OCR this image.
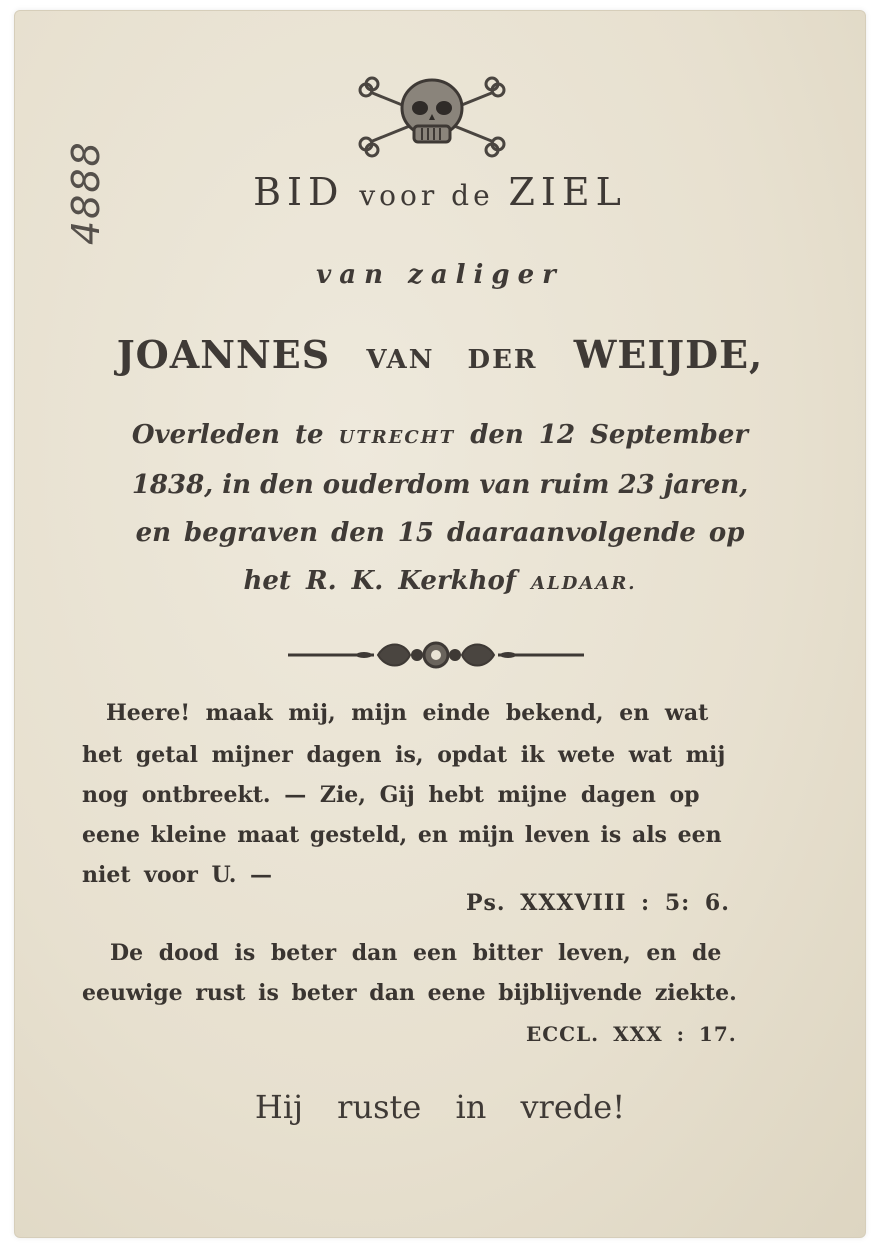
4888	BID voor de ZIEL
van zaliger
JOANNES VAN DER WEIJDE,
Overleden te UTRECHT den 12 September
1838, in den ouderdom van ruim 23 jaren,
en begraven den 15 daaraanvolgende op
het R. K. Kerkhof ALDAAR.
Heere! maak mij, mijn einde bekend, en wat
het getal mijner dagen is, opdat ik wete wat mij
nog ontbreekt. — Zie, Gij hebt mijne dagen op
eene kleine maat gesteld, en mijn leven is als een
niet voor U. —
Ps. XXXVIII : 5: 6.
De dood is beter dan een bitter leven, en de
eeuwige rust is beter dan eene bijblijvende ziekte.
ECCL. XXX : 17.
Hij ruste in vrede!
